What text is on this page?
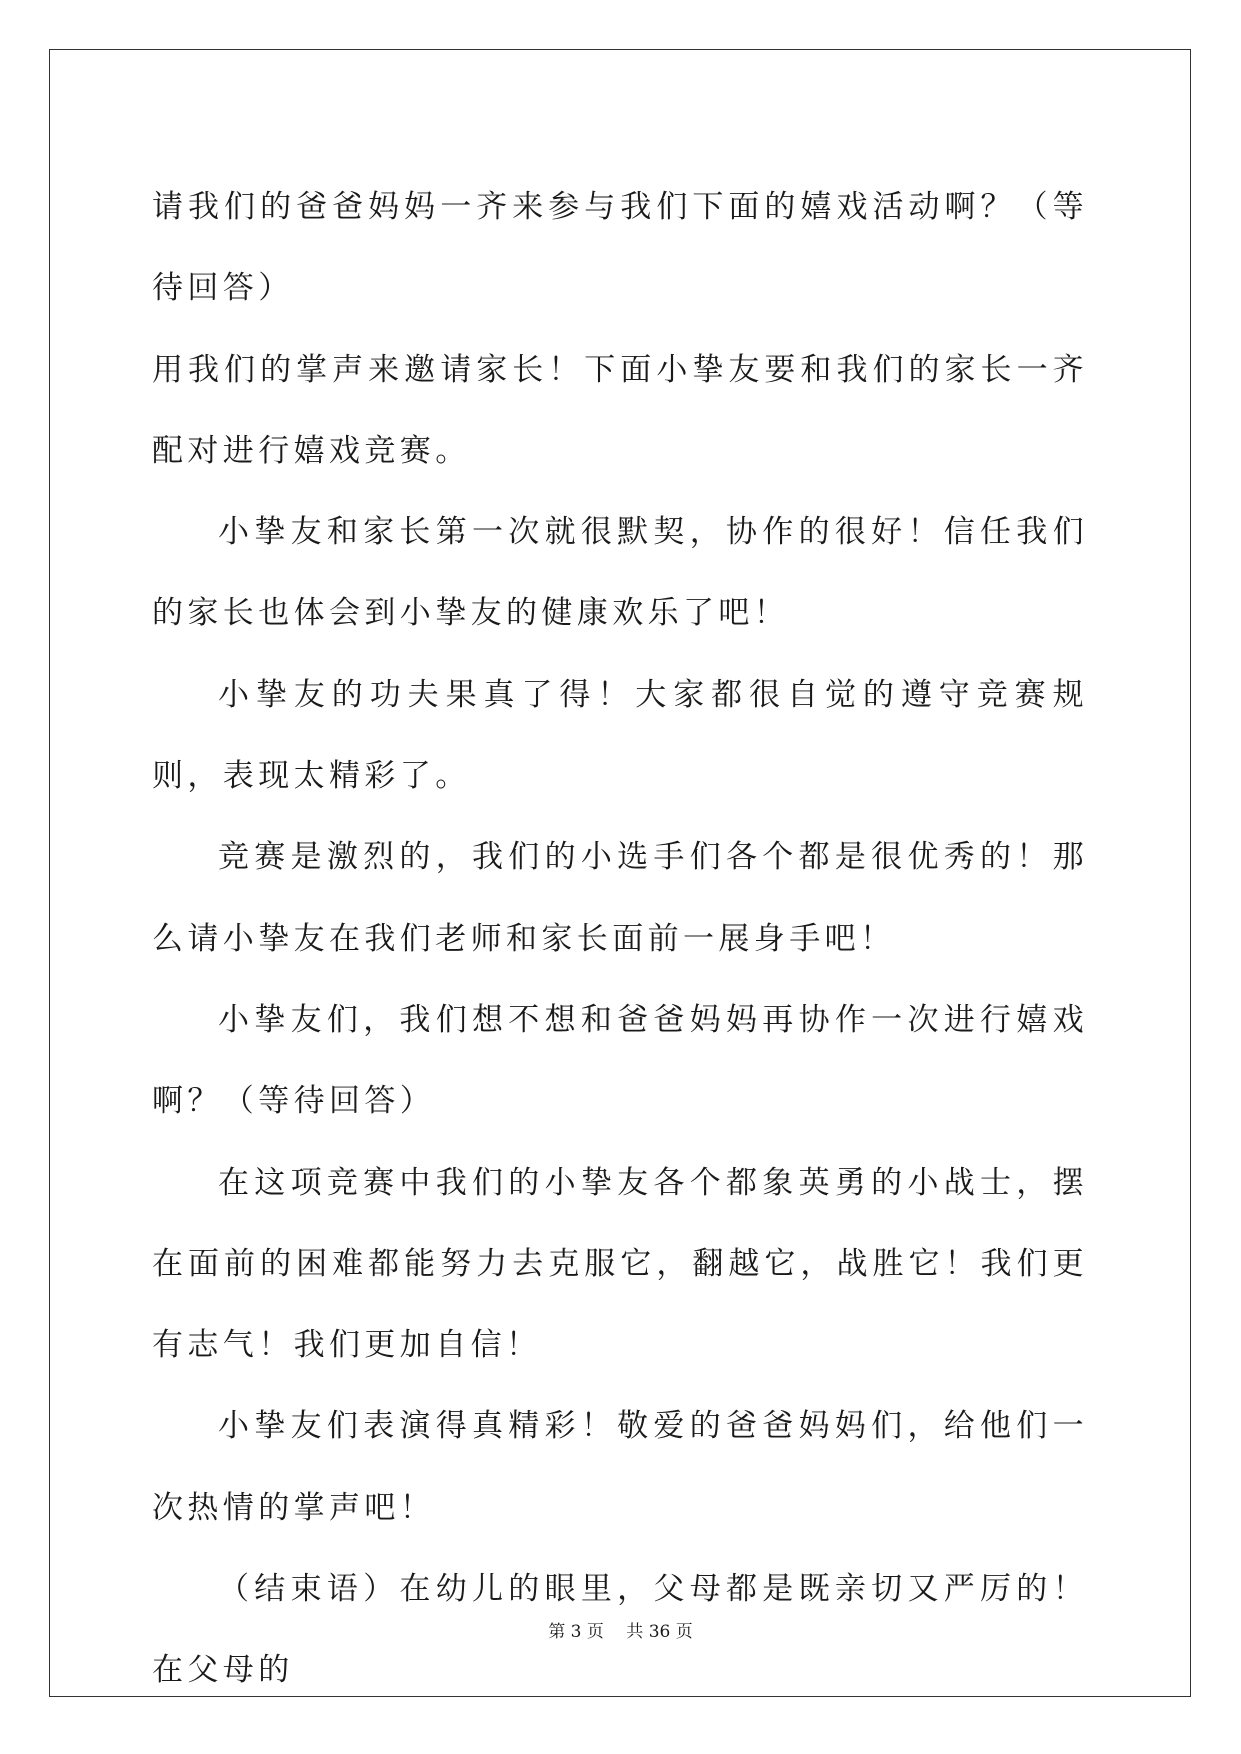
请我们的爸爸妈妈一齐来参与我们下面的嬉戏活动啊？（等待回答）

用我们的掌声来邀请家长！下面小挚友要和我们的家长一齐配对进行嬉戏竞赛。

小挚友和家长第一次就很默契，协作的很好！信任我们的家长也体会到小挚友的健康欢乐了吧！

小挚友的功夫果真了得！大家都很自觉的遵守竞赛规则，表现太精彩了。

竞赛是激烈的，我们的小选手们各个都是很优秀的！那么请小挚友在我们老师和家长面前一展身手吧！

小挚友们，我们想不想和爸爸妈妈再协作一次进行嬉戏啊？（等待回答）

在这项竞赛中我们的小挚友各个都象英勇的小战士，摆在面前的困难都能努力去克服它，翻越它，战胜它！我们更有志气！我们更加自信！

小挚友们表演得真精彩！敬爱的爸爸妈妈们，给他们一次热情的掌声吧！

（结束语）在幼儿的眼里，父母都是既亲切又严厉的！在父母的

第 3 页　 共 36 页
